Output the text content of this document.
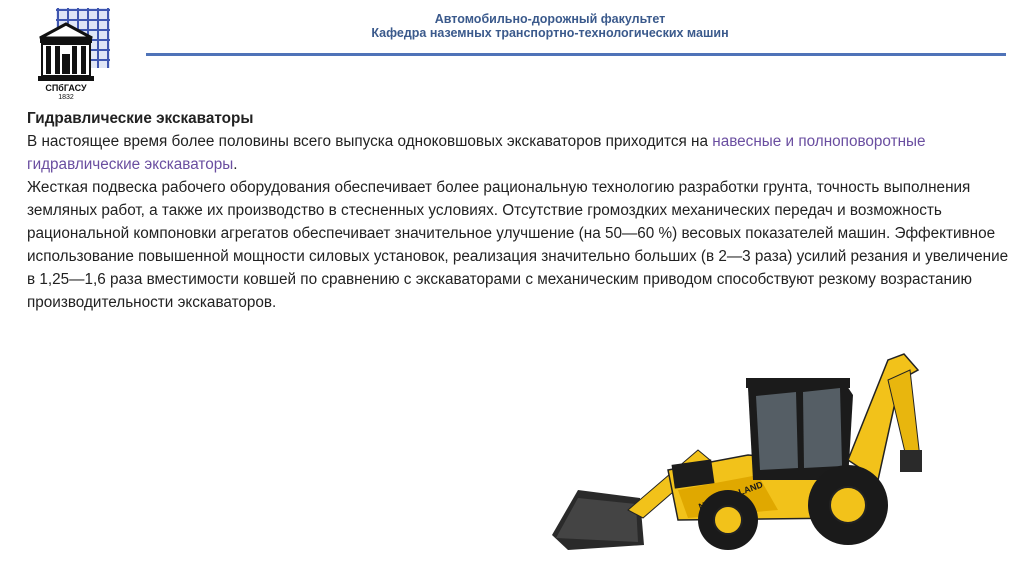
СПбГАСУ
1832
Автомобильно-дорожный факультет
Кафедра наземных транспортно-технологических машин

Гидравлические экскаваторы

В настоящее время более половины всего выпуска одноковшовых экскаваторов приходится на навесные и полноповоротные гидравлические экскаваторы.

Жесткая подвеска рабочего оборудования обеспечивает более рациональную технологию разработки грунта, точность выполнения земляных работ, а также их производство в стесненных условиях. Отсутствие громоздких механических передач и возможность рациональной компоновки агрегатов обеспечивает значительное улучшение (на 50—60 %) весовых показателей машин. Эффективное использование повышенной мощности силовых установок, реализация значительно больших (в 2—3 раза) усилий резания и увеличение в 1,25—1,6 раза вместимости ковшей по сравнению с экскаваторами с механическим приводом способствуют резкому возрастанию производительности экскаваторов.

HOLLAND
